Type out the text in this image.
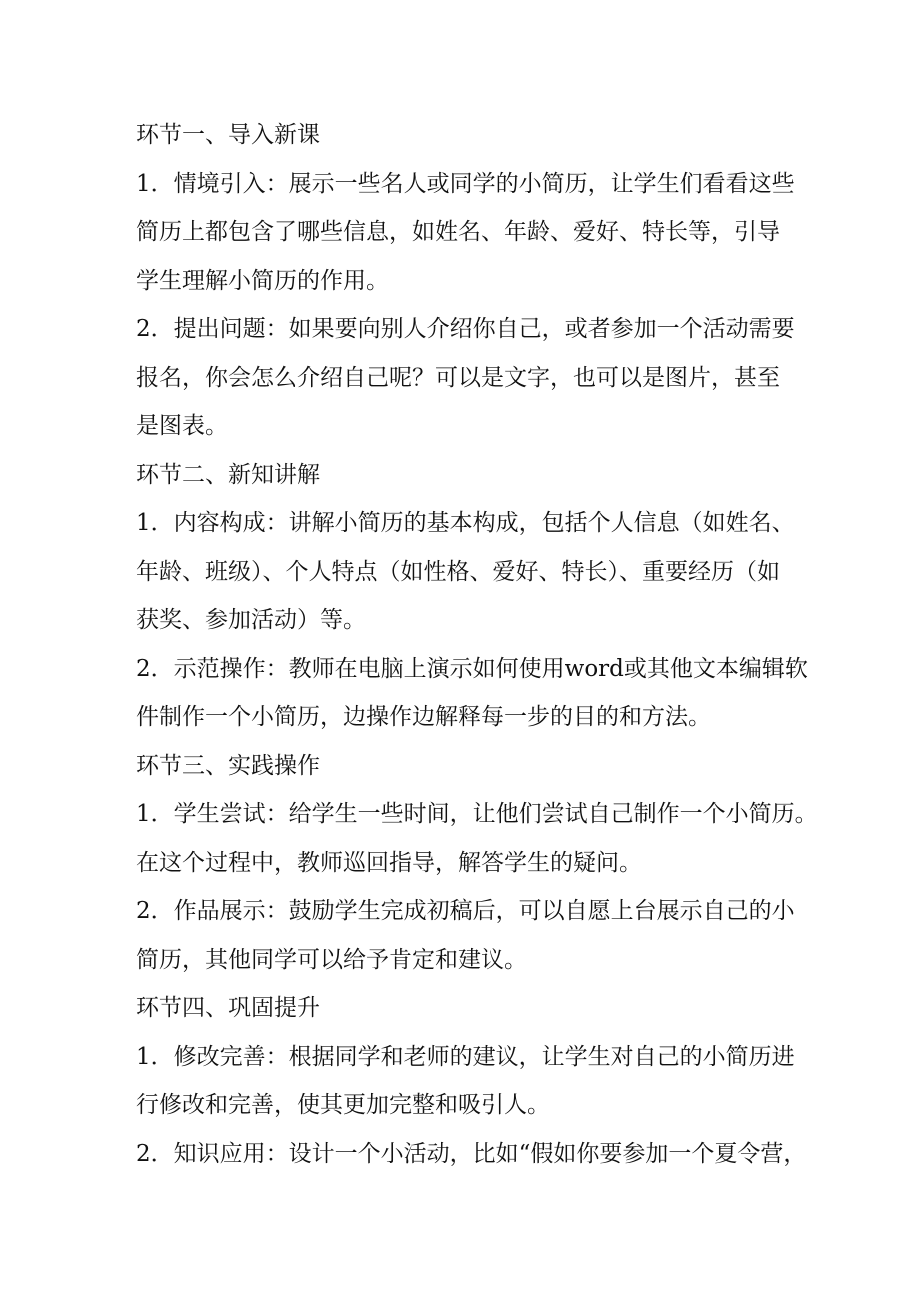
环节一、导入新课
1．情境引入：展示一些名人或同学的小简历，让学生们看看这些
简历上都包含了哪些信息，如姓名、年龄、爱好、特长等，引导
学生理解小简历的作用。
2．提出问题：如果要向别人介绍你自己，或者参加一个活动需要
报名，你会怎么介绍自己呢？可以是文字，也可以是图片，甚至
是图表。
环节二、新知讲解
1．内容构成：讲解小简历的基本构成，包括个人信息（如姓名、
年龄、班级）、个人特点（如性格、爱好、特长）、重要经历（如
获奖、参加活动）等。
2．示范操作：教师在电脑上演示如何使用word或其他文本编辑软
件制作一个小简历，边操作边解释每一步的目的和方法。
环节三、实践操作
1．学生尝试：给学生一些时间，让他们尝试自己制作一个小简历。
在这个过程中，教师巡回指导，解答学生的疑问。
2．作品展示：鼓励学生完成初稿后，可以自愿上台展示自己的小
简历，其他同学可以给予肯定和建议。
环节四、巩固提升
1．修改完善：根据同学和老师的建议，让学生对自己的小简历进
行修改和完善，使其更加完整和吸引人。
2．知识应用：设计一个小活动，比如“假如你要参加一个夏令营，
